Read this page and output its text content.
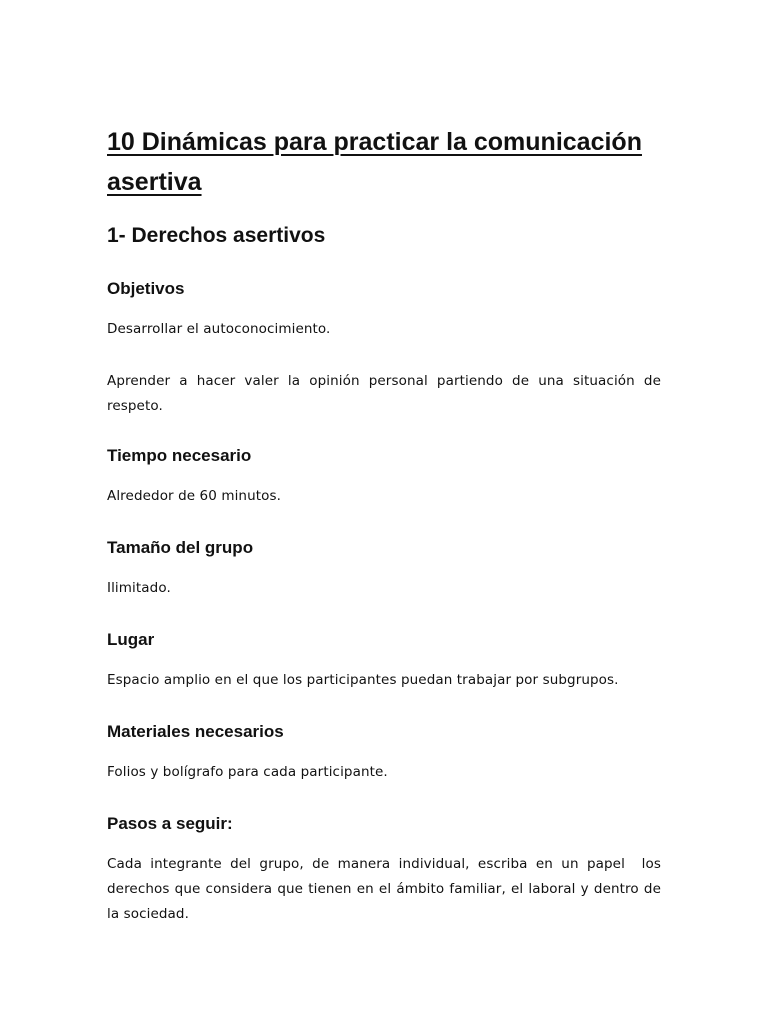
10 Dinámicas para practicar la comunicación asertiva
1- Derechos asertivos
Objetivos

Desarrollar el autoconocimiento.

Aprender a hacer valer la opinión personal partiendo de una situación de respeto.

Tiempo necesario

Alrededor de 60 minutos.

Tamaño del grupo

Ilimitado.

Lugar

Espacio amplio en el que los participantes puedan trabajar por subgrupos.

Materiales necesarios

Folios y bolígrafo para cada participante.

Pasos a seguir:

Cada integrante del grupo, de manera individual, escriba en un papel  los derechos que considera que tienen en el ámbito familiar, el laboral y dentro de la sociedad.
